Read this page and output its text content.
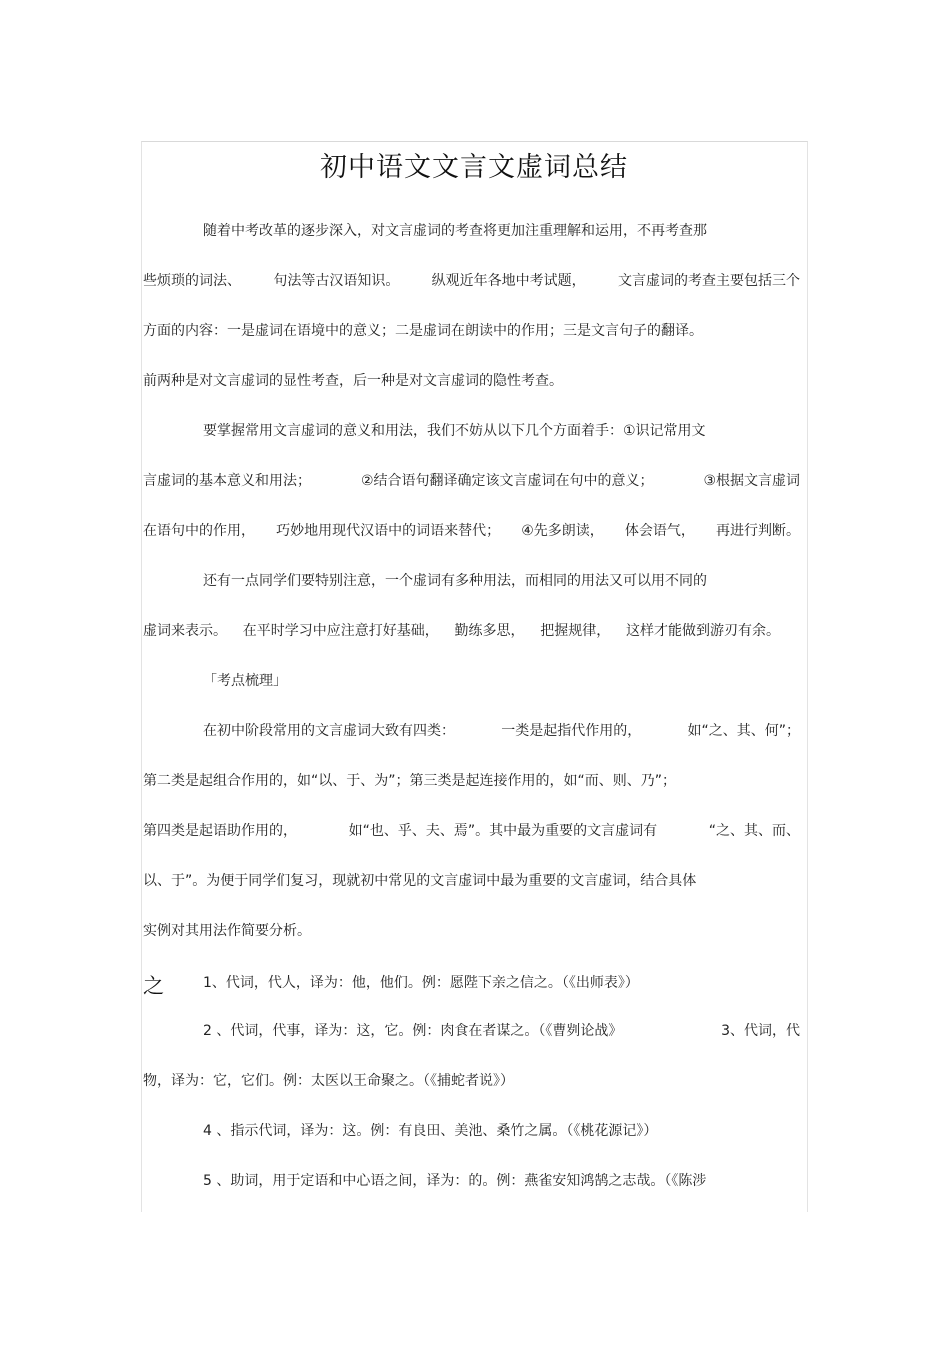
初中语文文言文虚词总结
随着中考改革的逐步深入，对文言虚词的考查将更加注重理解和运用，不再考查那
些烦琐的词法、 句法等古汉语知识。 纵观近年各地中考试题， 文言虚词的考查主要包括三个
方面的内容：一是虚词在语境中的意义；二是虚词在朗读中的作用；三是文言句子的翻译。
前两种是对文言虚词的显性考查，后一种是对文言虚词的隐性考查。
要掌握常用文言虚词的意义和用法，我们不妨从以下几个方面着手：①识记常用文
言虚词的基本意义和用法；	②结合语句翻译确定该文言虚词在句中的意义；	③根据文言虚词
在语句中的作用， 巧妙地用现代汉语中的词语来替代； ④先多朗读， 体会语气， 再进行判断。
还有一点同学们要特别注意，一个虚词有多种用法，而相同的用法又可以用不同的
虚词来表示。 在平时学习中应注意打好基础， 勤练多思， 把握规律， 这样才能做到游刃有余。
「考点梳理」
在初中阶段常用的文言虚词大致有四类：	一类是起指代作用的，	如“之、其、何”；
第二类是起组合作用的，如“以、于、为”；第三类是起连接作用的，如“而、则、乃”；
第四类是起语助作用的，	如“也、乎、夫、焉”。其中最为重要的文言虚词有	“之、其、而、
以、于”。为便于同学们复习，现就初中常见的文言虚词中最为重要的文言虚词，结合具体
实例对其用法作简要分析。
之	1、代词，代人，译为：他，他们。例：愿陛下亲之信之。（《出师表》）
2 、代词，代事，译为：这，它。例：肉食在者谋之。（《曹刿论战》	3、代词，代
物，译为：它，它们。例：太医以王命聚之。（《捕蛇者说》）
4 、指示代词，译为：这。例：有良田、美池、桑竹之属。（《桃花源记》）
5 、助词，用于定语和中心语之间，译为：的。例：燕雀安知鸿鹄之志哉。（《陈涉
